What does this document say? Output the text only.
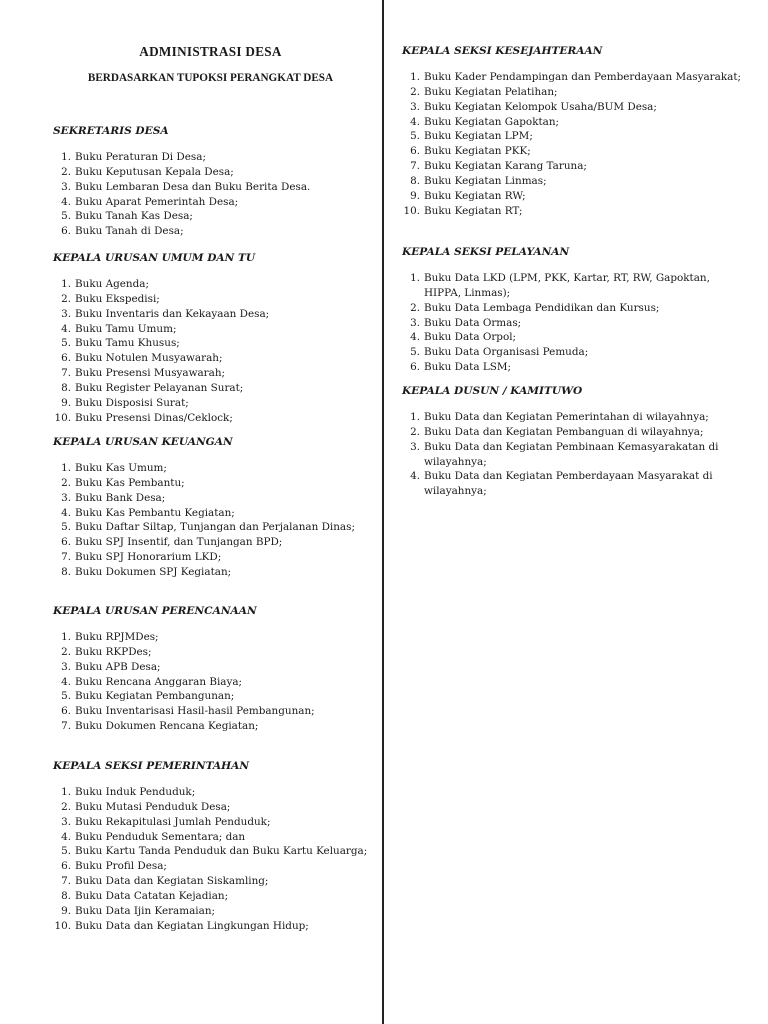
ADMINISTRASI DESA
BERDASARKAN TUPOKSI PERANGKAT DESA
SEKRETARIS DESA
1. Buku Peraturan Di Desa;
2. Buku Keputusan Kepala Desa;
3. Buku Lembaran Desa dan Buku Berita Desa.
4. Buku Aparat Pemerintah Desa;
5. Buku Tanah Kas Desa;
6. Buku Tanah di Desa;
KEPALA URUSAN UMUM DAN TU
1. Buku Agenda;
2. Buku Ekspedisi;
3. Buku Inventaris dan Kekayaan Desa;
4. Buku Tamu Umum;
5. Buku Tamu Khusus;
6. Buku Notulen Musyawarah;
7. Buku Presensi Musyawarah;
8. Buku Register Pelayanan Surat;
9. Buku Disposisi Surat;
10. Buku Presensi Dinas/Ceklock;
KEPALA URUSAN KEUANGAN
1. Buku Kas Umum;
2. Buku Kas Pembantu;
3. Buku Bank Desa;
4. Buku Kas Pembantu Kegiatan;
5. Buku Daftar Siltap, Tunjangan dan Perjalanan Dinas;
6. Buku SPJ Insentif, dan Tunjangan BPD;
7. Buku SPJ Honorarium LKD;
8. Buku Dokumen SPJ Kegiatan;
KEPALA URUSAN PERENCANAAN
1. Buku RPJMDes;
2. Buku RKPDes;
3. Buku APB Desa;
4. Buku Rencana Anggaran Biaya;
5. Buku Kegiatan Pembangunan;
6. Buku Inventarisasi Hasil-hasil Pembangunan;
7. Buku Dokumen Rencana Kegiatan;
KEPALA SEKSI PEMERINTAHAN
1. Buku Induk Penduduk;
2. Buku Mutasi Penduduk Desa;
3. Buku Rekapitulasi Jumlah Penduduk;
4. Buku Penduduk Sementara; dan
5. Buku Kartu Tanda Penduduk dan Buku Kartu Keluarga;
6. Buku Profil Desa;
7. Buku Data dan Kegiatan Siskamling;
8. Buku Data Catatan Kejadian;
9. Buku Data Ijin Keramaian;
10. Buku Data dan Kegiatan Lingkungan Hidup;
KEPALA SEKSI KESEJAHTERAAN
1. Buku Kader Pendampingan dan Pemberdayaan Masyarakat;
2. Buku Kegiatan Pelatihan;
3. Buku Kegiatan Kelompok Usaha/BUM Desa;
4. Buku Kegiatan Gapoktan;
5. Buku Kegiatan LPM;
6. Buku Kegiatan PKK;
7. Buku Kegiatan Karang Taruna;
8. Buku Kegiatan Linmas;
9. Buku Kegiatan RW;
10. Buku Kegiatan RT;
KEPALA SEKSI PELAYANAN
1. Buku Data LKD (LPM, PKK, Kartar, RT, RW, Gapoktan, HIPPA, Linmas);
2. Buku Data Lembaga Pendidikan dan Kursus;
3. Buku Data Ormas;
4. Buku Data Orpol;
5. Buku Data Organisasi Pemuda;
6. Buku Data LSM;
KEPALA DUSUN / KAMITUWO
1. Buku Data dan Kegiatan Pemerintahan di wilayahnya;
2. Buku Data dan Kegiatan Pembanguan di wilayahnya;
3. Buku Data dan Kegiatan Pembinaan Kemasyarakatan di wilayahnya;
4. Buku Data dan Kegiatan Pemberdayaan Masyarakat di wilayahnya;
